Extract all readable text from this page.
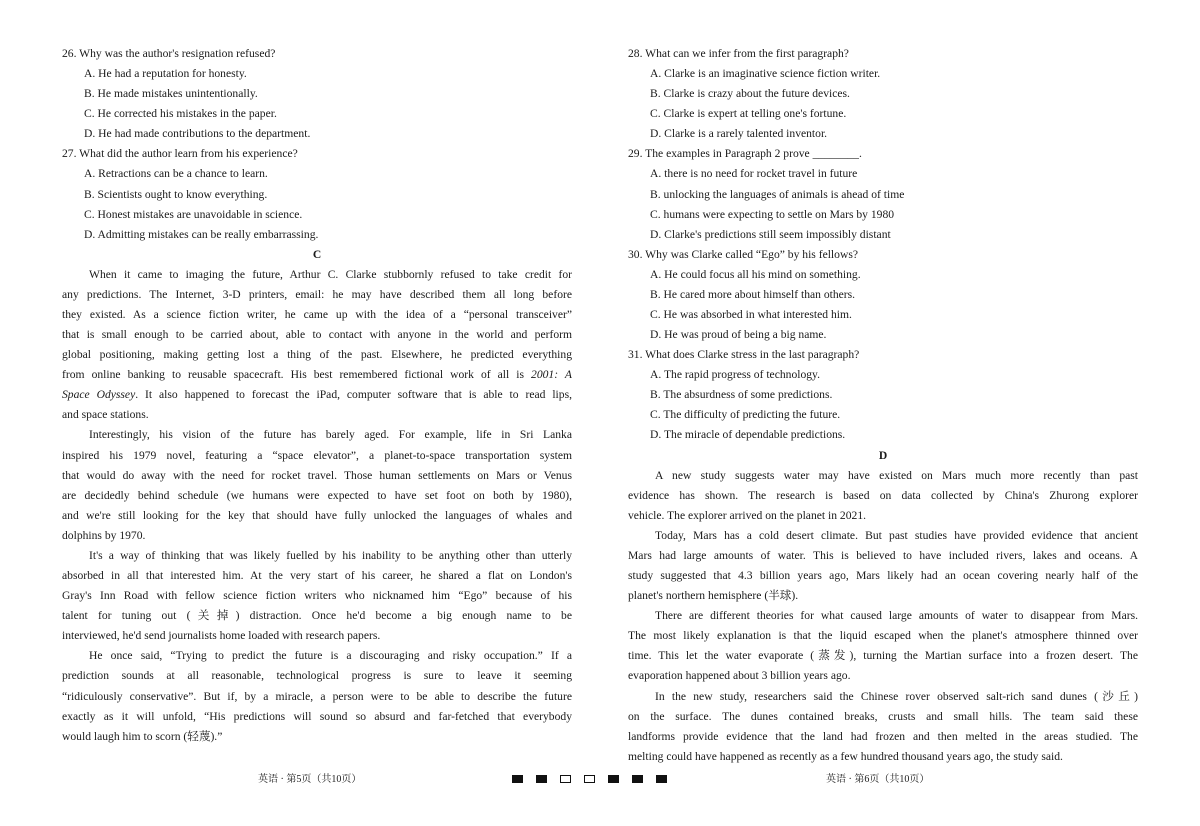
26. Why was the author's resignation refused?
A. He had a reputation for honesty.
B. He made mistakes unintentionally.
C. He corrected his mistakes in the paper.
D. He had made contributions to the department.
27. What did the author learn from his experience?
A. Retractions can be a chance to learn.
B. Scientists ought to know everything.
C. Honest mistakes are unavoidable in science.
D. Admitting mistakes can be really embarrassing.
C
When it came to imaging the future, Arthur C. Clarke stubbornly refused to take credit for
any predictions. The Internet, 3-D printers, email: he may have described them all long before
they existed. As a science fiction writer, he came up with the idea of a “personal transceiver”
that is small enough to be carried about, able to contact with anyone in the world and perform
global positioning, making getting lost a thing of the past. Elsewhere, he predicted everything
from online banking to reusable spacecraft. His best remembered fictional work of all is 2001: A
Space Odyssey. It also happened to forecast the iPad, computer software that is able to read lips,
and space stations.
Interestingly, his vision of the future has barely aged. For example, life in Sri Lanka
inspired his 1979 novel, featuring a “space elevator”, a planet-to-space transportation system
that would do away with the need for rocket travel. Those human settlements on Mars or Venus
are decidedly behind schedule (we humans were expected to have set foot on both by 1980),
and we're still looking for the key that should have fully unlocked the languages of whales and
dolphins by 1970.
It's a way of thinking that was likely fuelled by his inability to be anything other than utterly
absorbed in all that interested him. At the very start of his career, he shared a flat on London's
Gray's Inn Road with fellow science fiction writers who nicknamed him “Ego” because of his
talent for tuning out (关掉) distraction. Once he'd become a big enough name to be
interviewed, he'd send journalists home loaded with research papers.
He once said, “Trying to predict the future is a discouraging and risky occupation.” If a
prediction sounds at all reasonable, technological progress is sure to leave it seeming
“ridiculously conservative”. But if, by a miracle, a person were to be able to describe the future
exactly as it will unfold, “His predictions will sound so absurd and far-fetched that everybody
would laugh him to scorn (轻蔑).”
28. What can we infer from the first paragraph?
A. Clarke is an imaginative science fiction writer.
B. Clarke is crazy about the future devices.
C. Clarke is expert at telling one's fortune.
D. Clarke is a rarely talented inventor.
29. The examples in Paragraph 2 prove ________.
A. there is no need for rocket travel in future
B. unlocking the languages of animals is ahead of time
C. humans were expecting to settle on Mars by 1980
D. Clarke's predictions still seem impossibly distant
30. Why was Clarke called “Ego” by his fellows?
A. He could focus all his mind on something.
B. He cared more about himself than others.
C. He was absorbed in what interested him.
D. He was proud of being a big name.
31. What does Clarke stress in the last paragraph?
A. The rapid progress of technology.
B. The absurdness of some predictions.
C. The difficulty of predicting the future.
D. The miracle of dependable predictions.
D
A new study suggests water may have existed on Mars much more recently than past
evidence has shown. The research is based on data collected by China's Zhurong explorer
vehicle. The explorer arrived on the planet in 2021.
Today, Mars has a cold desert climate. But past studies have provided evidence that ancient
Mars had large amounts of water. This is believed to have included rivers, lakes and oceans. A
study suggested that 4.3 billion years ago, Mars likely had an ocean covering nearly half of the
planet's northern hemisphere (半球).
There are different theories for what caused large amounts of water to disappear from Mars.
The most likely explanation is that the liquid escaped when the planet's atmosphere thinned over
time. This let the water evaporate (蒸发), turning the Martian surface into a frozen desert. The
evaporation happened about 3 billion years ago.
In the new study, researchers said the Chinese rover observed salt-rich sand dunes (沙丘)
on the surface. The dunes contained breaks, crusts and small hills. The team said these
landforms provide evidence that the land had frozen and then melted in the areas studied. The
melting could have happened as recently as a few hundred thousand years ago, the study said.
英语 · 第5页（共10页）	英语 · 第6页（共10页）
